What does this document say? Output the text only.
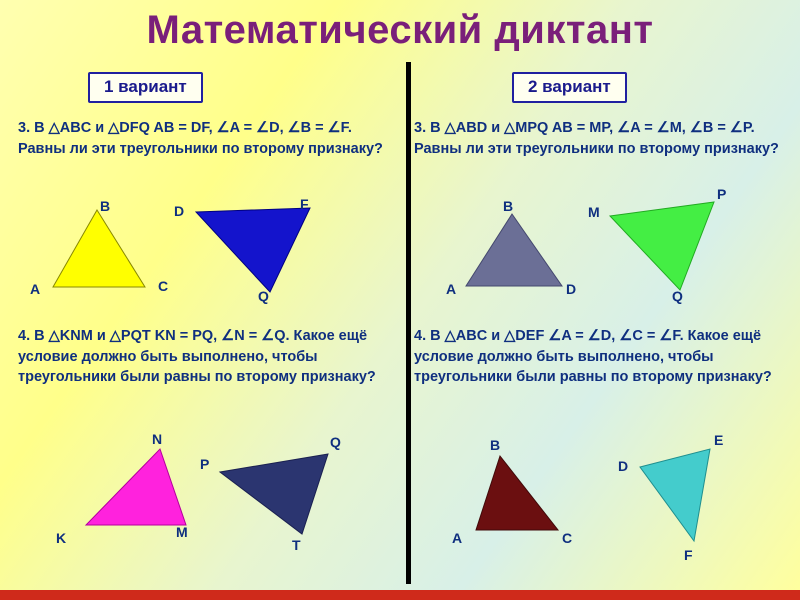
Математический диктант
1 вариант	2 вариант
3. В △ABC и △DFQ AB = DF, ∠A = ∠D, ∠B = ∠F. Равны ли эти треугольники по второму признаку?
3. В △ABD и △MPQ AB = MP, ∠A = ∠M, ∠B = ∠P. Равны ли эти треугольники по второму признаку?
4. В △KNM и △PQT KN = PQ, ∠N = ∠Q. Какое ещё условие должно быть выполнено, чтобы треугольники были равны по второму признаку?
4. В △ABC и △DEF ∠A = ∠D, ∠C = ∠F. Какое ещё условие должно быть выполнено, чтобы треугольники были равны по второму признаку?
B
A	C
D	F
Q
B
A	D
M
P
Q
N
K	M
P
Q
T
B
A	C
D
E
F
